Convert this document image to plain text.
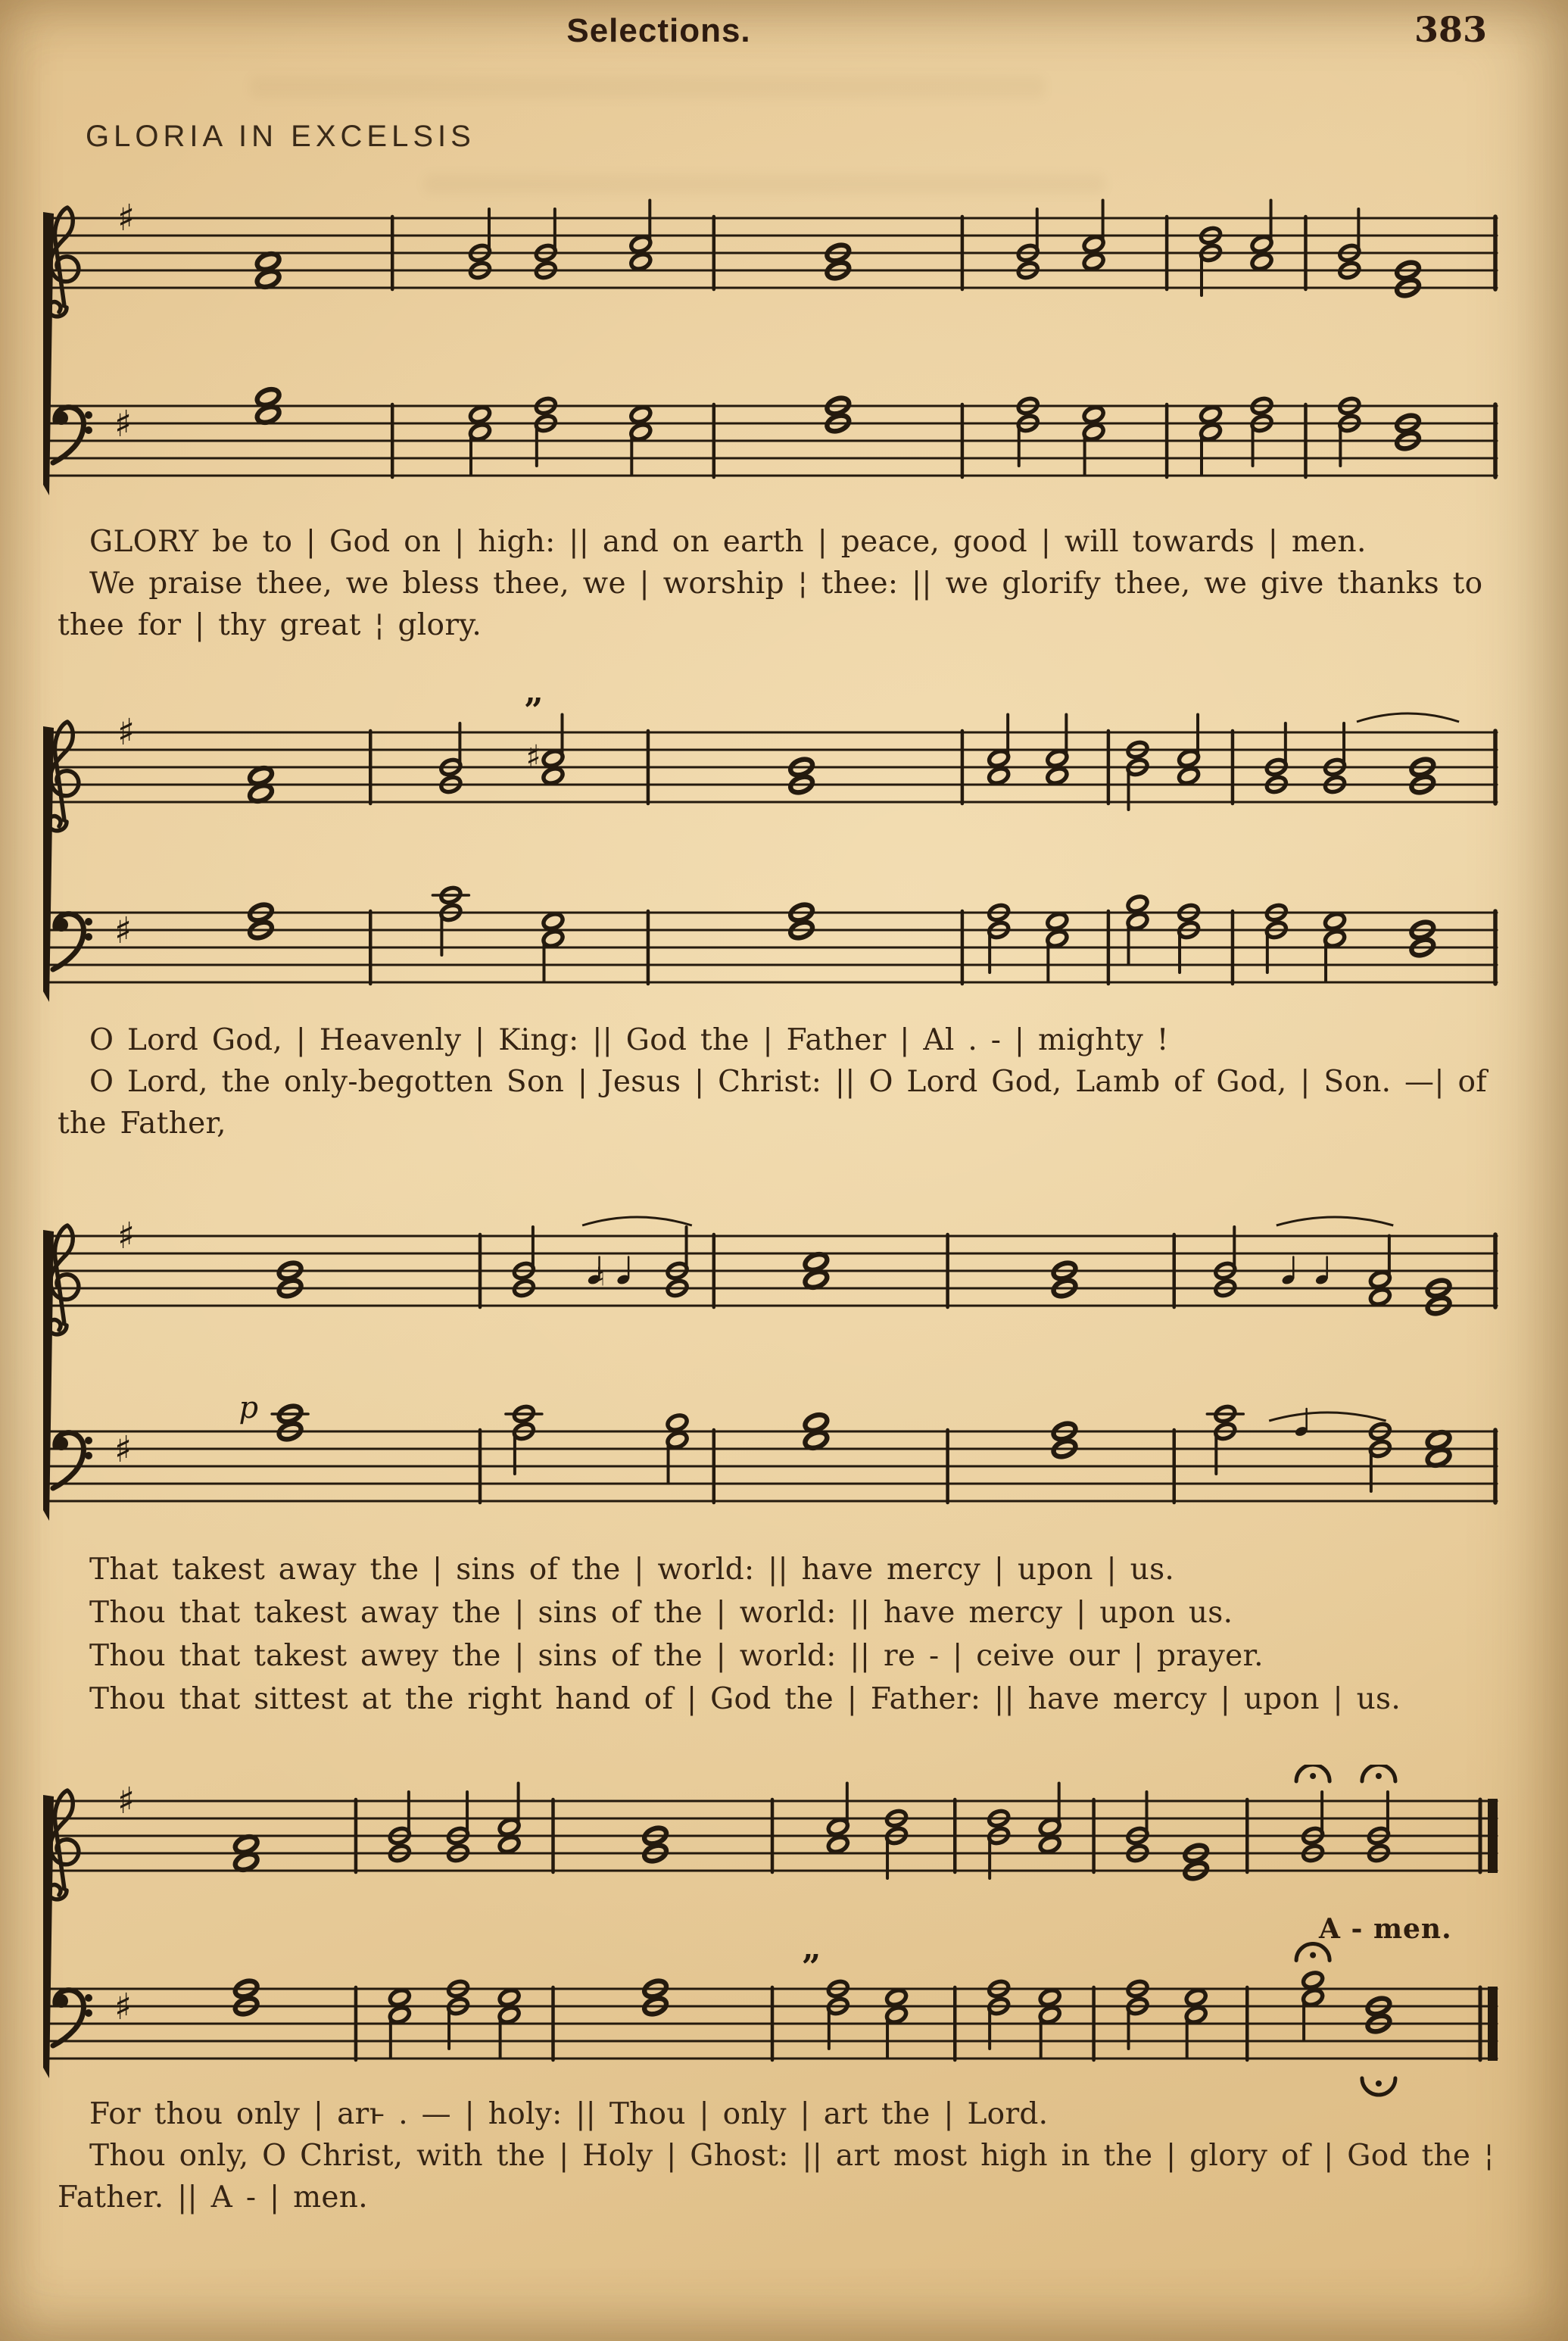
Selections.	383
GLORIA IN EXCELSIS
♯
♯
♯
♯
”
♯
♯
♮
♯
p
♯
♯
”
GLORY be to | God on | high: || and on earth | peace, good | will towards | men.
We praise thee, we bless thee, we | worship ¦ thee: || we glorify thee, we give thanks to
thee for | thy great ¦ glory.
O Lord God, | Heavenly | King: || God the | Father | Al . - | mighty !
O Lord, the only-begotten Son | Jesus | Christ: || O Lord God, Lamb of God, | Son. —| of
the Father,
That takest away the | sins of the | world: || have mercy | upon | us.
Thou that takest away the | sins of the | world: || have mercy | upon us.
Thou that takest awɐy the | sins of the | world: || re - | ceive our | prayer.
Thou that sittest at the right hand of | God the | Father: || have mercy | upon | us.
For thou only | arͱ . — | holy: || Thou | only | art the | Lord.
Thou only, O Christ, with the | Holy | Ghost: || art most high in the | glory of | God the ¦
Father. || A - | men.
A - men.
